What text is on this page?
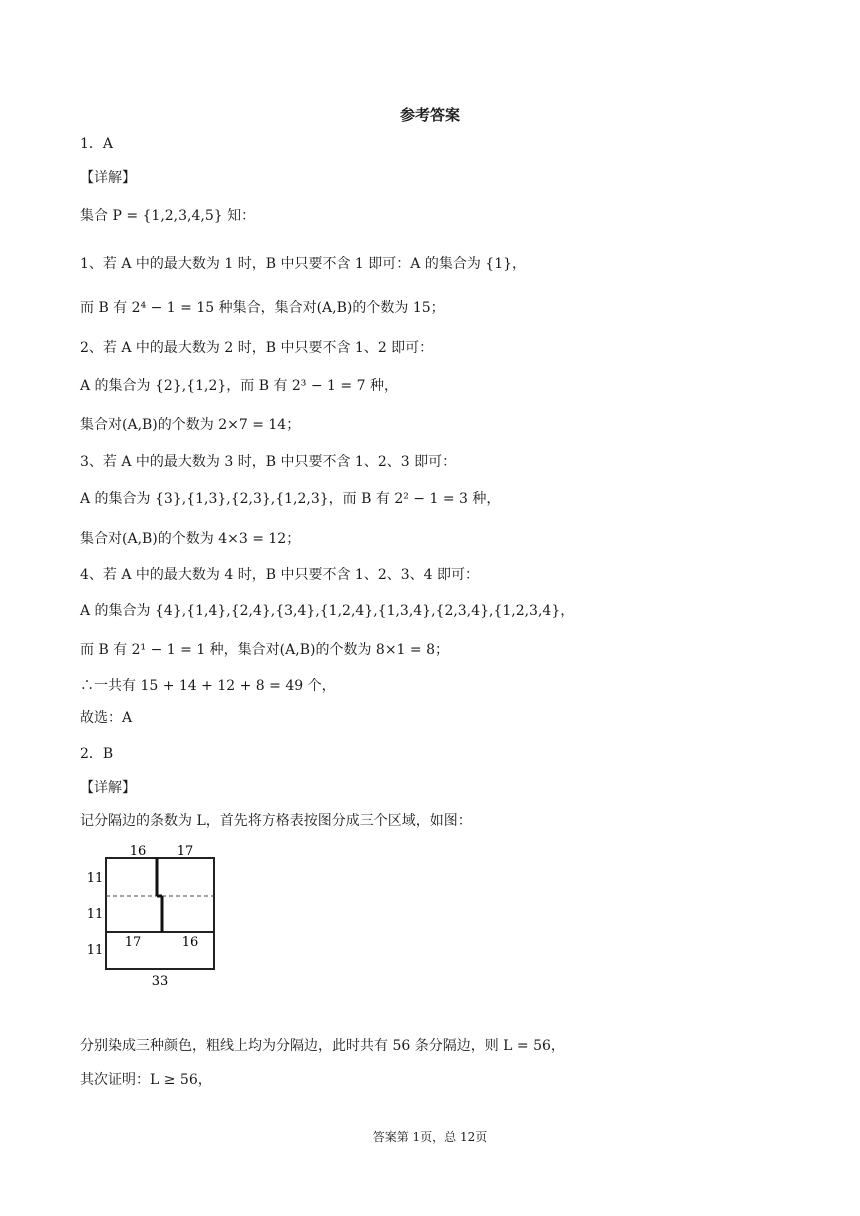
参考答案
1．A
【详解】
集合 P = {1,2,3,4,5} 知：
1、若 A 中的最大数为 1 时，B 中只要不含 1 即可：A 的集合为 {1}，
而 B 有 2⁴ − 1 = 15 种集合，集合对(A,B)的个数为 15；
2、若 A 中的最大数为 2 时，B 中只要不含 1、2 即可：
A 的集合为 {2},{1,2}，而 B 有 2³ − 1 = 7 种，
集合对(A,B)的个数为 2×7 = 14；
3、若 A 中的最大数为 3 时，B 中只要不含 1、2、3 即可：
A 的集合为 {3},{1,3},{2,3},{1,2,3}，而 B 有 2² − 1 = 3 种，
集合对(A,B)的个数为 4×3 = 12；
4、若 A 中的最大数为 4 时，B 中只要不含 1、2、3、4 即可：
A 的集合为 {4},{1,4},{2,4},{3,4},{1,2,4},{1,3,4},{2,3,4},{1,2,3,4}，
而 B 有 2¹ − 1 = 1 种，集合对(A,B)的个数为 8×1 = 8；
∴一共有 15 + 14 + 12 + 8 = 49 个，
故选：A
2．B
【详解】
记分隔边的条数为 L，首先将方格表按图分成三个区域，如图：
16 17
11
11
11
17	16
33
分别染成三种颜色，粗线上均为分隔边，此时共有 56 条分隔边，则 L = 56，
其次证明：L ≥ 56，
答案第 1页，总 12页
